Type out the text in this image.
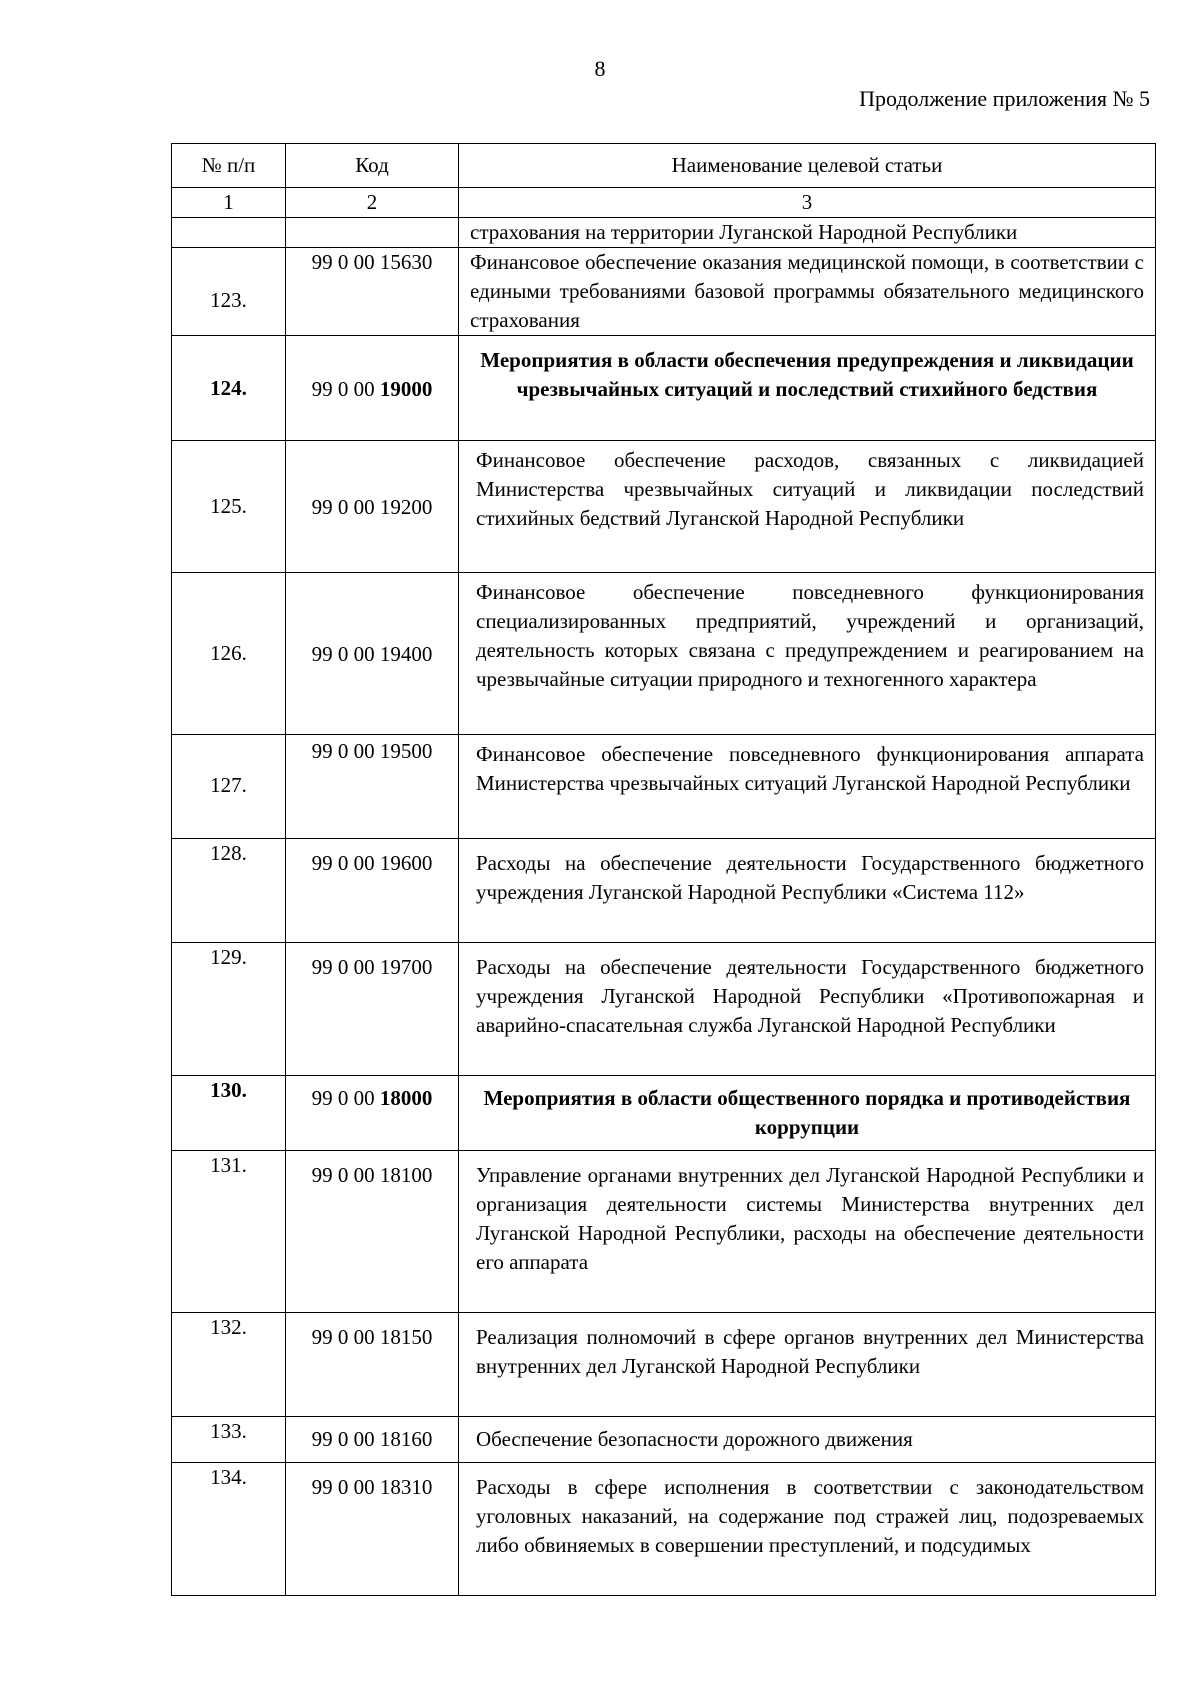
8
Продолжение приложения № 5
№ п/п	Код	Наименование целевой статьи
1	2	3
		страхования на территории Луганской Народной Республики
123.	99 0 00 15630	Финансовое обеспечение оказания медицинской помощи, в соответствии с едиными требованиями базовой программы обязательного медицинского страхования
124.	99 0 00 19000	Мероприятия в области обеспечения предупреждения и ликвидации чрезвычайных ситуаций и последствий стихийного бедствия
125.	99 0 00 19200	Финансовое обеспечение расходов, связанных с ликвидацией Министерства чрезвычайных ситуаций и ликвидации последствий стихийных бедствий Луганской Народной Республики
126.	99 0 00 19400	Финансовое обеспечение повседневного функционирования специализированных предприятий, учреждений и организаций, деятельность которых связана с предупреждением и реагированием на чрезвычайные ситуации природного и техногенного характера
127.	99 0 00 19500	Финансовое обеспечение повседневного функционирования аппарата Министерства чрезвычайных ситуаций Луганской Народной Республики
128.	99 0 00 19600	Расходы на обеспечение деятельности Государственного бюджетного учреждения Луганской Народной Республики «Система 112»
129.	99 0 00 19700	Расходы на обеспечение деятельности Государственного бюджетного учреждения Луганской Народной Республики «Противопожарная и аварийно-спасательная служба Луганской Народной Республики
130.	99 0 00 18000	Мероприятия в области общественного порядка и противодействия коррупции
131.	99 0 00 18100	Управление органами внутренних дел Луганской Народной Республики и организация деятельности системы Министерства внутренних дел Луганской Народной Республики, расходы на обеспечение деятельности его аппарата
132.	99 0 00 18150	Реализация полномочий в сфере органов внутренних дел Министерства внутренних дел Луганской Народной Республики
133.	99 0 00 18160	Обеспечение безопасности дорожного движения
134.	99 0 00 18310	Расходы в сфере исполнения в соответствии с законодательством уголовных наказаний, на содержание под стражей лиц, подозреваемых либо обвиняемых в совершении преступлений, и подсудимых
